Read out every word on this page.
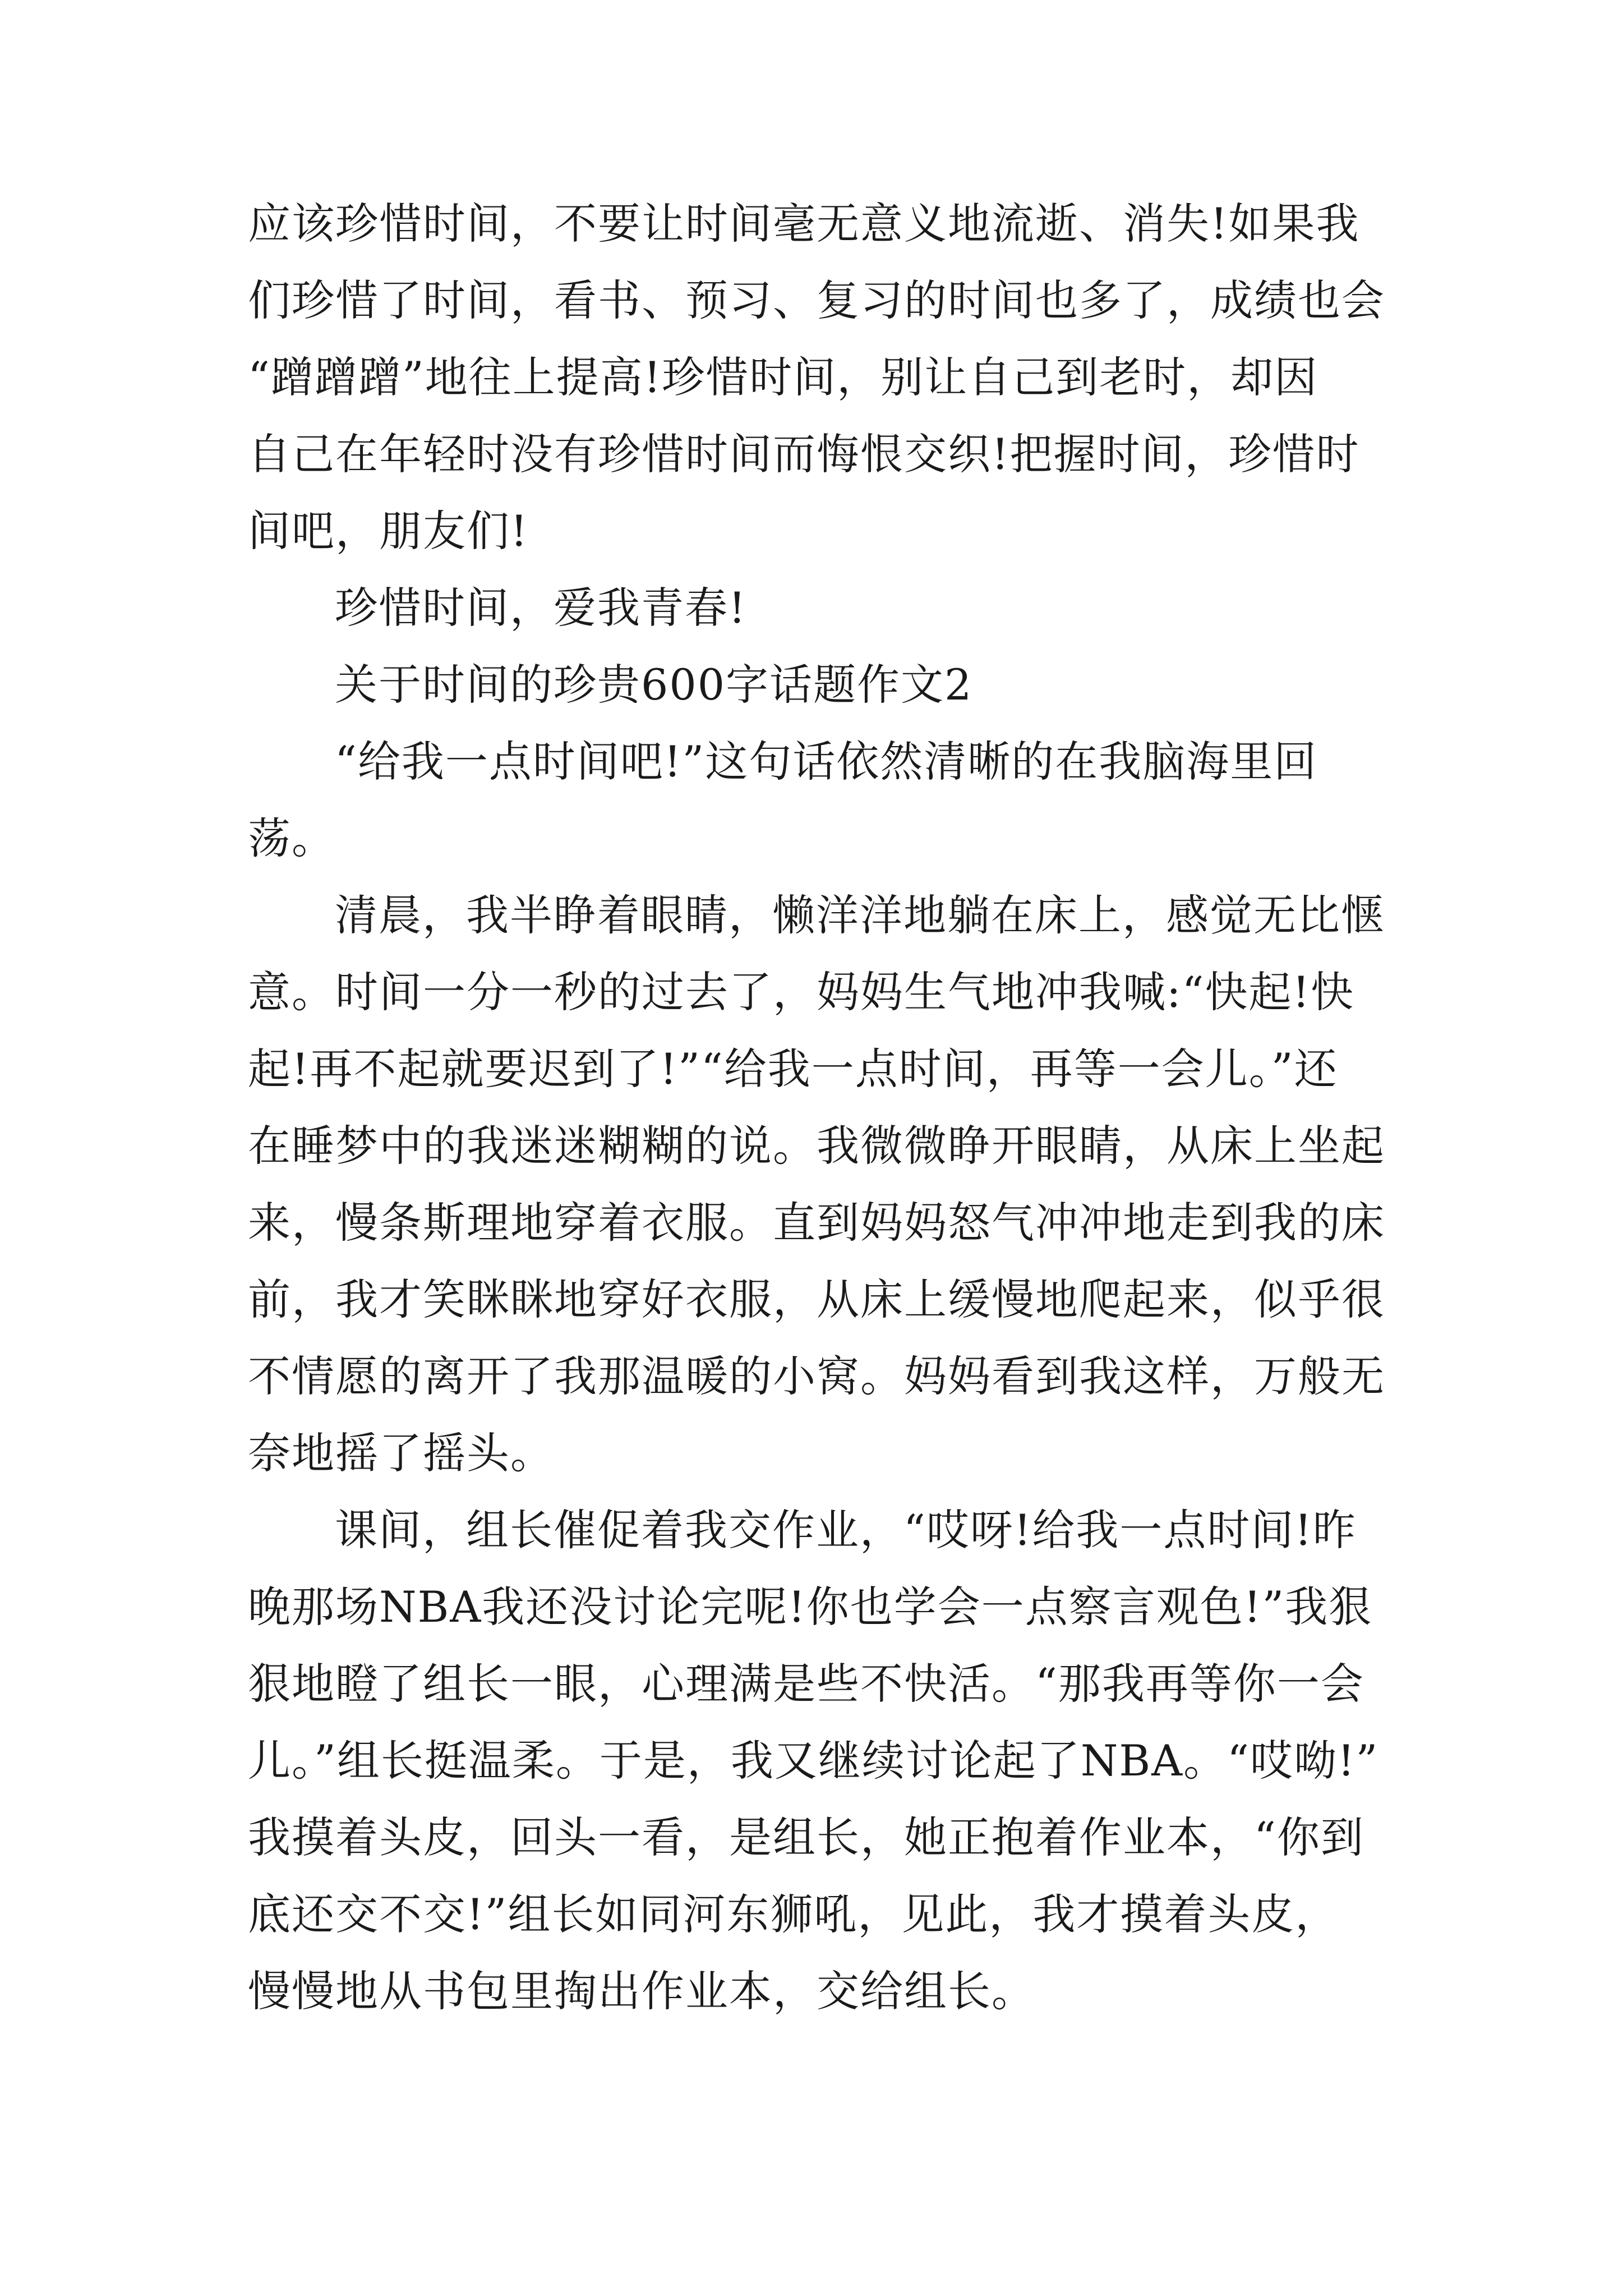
应该珍惜时间，不要让时间毫无意义地流逝、消失!如果我
们珍惜了时间，看书、预习、复习的时间也多了，成绩也会
“蹭蹭蹭”地往上提高!珍惜时间，别让自己到老时，却因
自己在年轻时没有珍惜时间而悔恨交织!把握时间，珍惜时
间吧，朋友们!
珍惜时间，爱我青春!
关于时间的珍贵600字话题作文2
“给我一点时间吧!”这句话依然清晰的在我脑海里回
荡。
清晨，我半睁着眼睛，懒洋洋地躺在床上，感觉无比惬
意。时间一分一秒的过去了，妈妈生气地冲我喊:“快起!快
起!再不起就要迟到了!”“给我一点时间，再等一会儿。”还
在睡梦中的我迷迷糊糊的说。我微微睁开眼睛，从床上坐起
来，慢条斯理地穿着衣服。直到妈妈怒气冲冲地走到我的床
前，我才笑眯眯地穿好衣服，从床上缓慢地爬起来，似乎很
不情愿的离开了我那温暖的小窝。妈妈看到我这样，万般无
奈地摇了摇头。
课间，组长催促着我交作业，“哎呀!给我一点时间!昨
晚那场NBA我还没讨论完呢!你也学会一点察言观色!”我狠
狠地瞪了组长一眼，心理满是些不快活。“那我再等你一会
儿。”组长挺温柔。于是，我又继续讨论起了NBA。“哎呦!”
我摸着头皮，回头一看，是组长，她正抱着作业本，“你到
底还交不交!”组长如同河东狮吼，见此，我才摸着头皮，
慢慢地从书包里掏出作业本，交给组长。
